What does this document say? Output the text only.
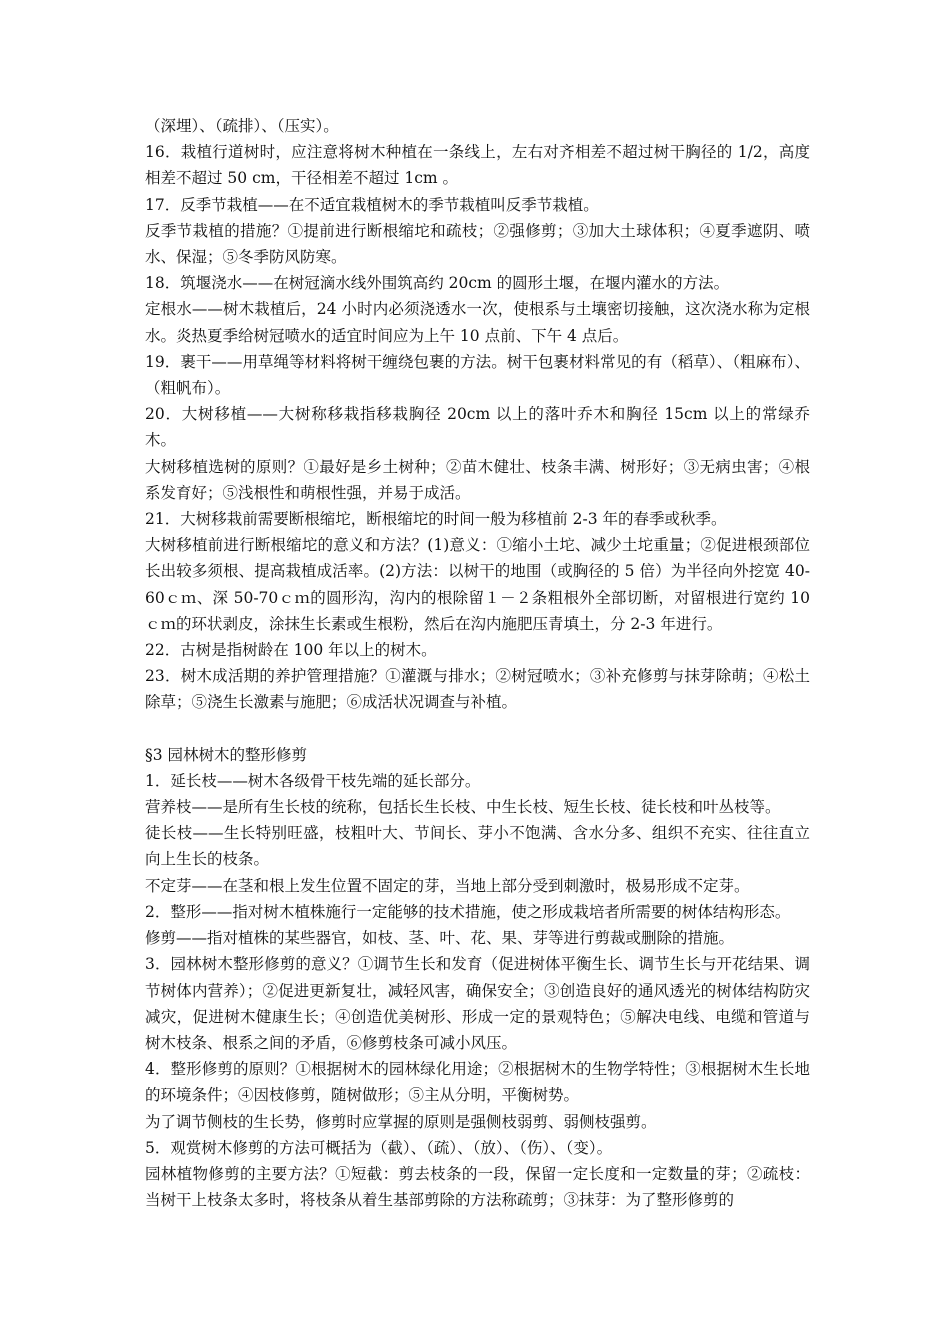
（深埋）、（疏排）、（压实）。

16．栽植行道树时，应注意将树木种植在一条线上，左右对齐相差不超过树干胸径的 1/2，高度相差不超过 50 cm，干径相差不超过 1cm 。

17．反季节栽植——在不适宜栽植树木的季节栽植叫反季节栽植。

反季节栽植的措施？①提前进行断根缩坨和疏枝；②强修剪；③加大土球体积；④夏季遮阴、喷水、保湿；⑤冬季防风防寒。

18．筑堰浇水——在树冠滴水线外围筑高约 20cm 的圆形土堰，在堰内灌水的方法。

定根水——树木栽植后，24 小时内必须浇透水一次，使根系与土壤密切接触，这次浇水称为定根水。炎热夏季给树冠喷水的适宜时间应为上午 10 点前、下午 4 点后。

19．裹干——用草绳等材料将树干缠绕包裹的方法。树干包裹材料常见的有（稻草）、（粗麻布）、（粗帆布）。

20．大树移植——大树称移栽指移栽胸径 20cm 以上的落叶乔木和胸径 15cm 以上的常绿乔木。

大树移植选树的原则？①最好是乡土树种；②苗木健壮、枝条丰满、树形好；③无病虫害；④根系发育好；⑤浅根性和萌根性强，并易于成活。

21．大树移栽前需要断根缩坨，断根缩坨的时间一般为移植前 2-3 年的春季或秋季。

大树移植前进行断根缩坨的意义和方法？(1)意义：①缩小土坨、减少土坨重量；②促进根颈部位长出较多须根、提高栽植成活率。(2)方法：以树干的地围（或胸径的 5 倍）为半径向外挖宽 40-60ｃｍ、深 50-70ｃｍ的圆形沟，沟内的根除留１－２条粗根外全部切断，对留根进行宽约 10ｃｍ的环状剥皮，涂抹生长素或生根粉，然后在沟内施肥压青填土，分 2-3 年进行。

22．古树是指树龄在 100 年以上的树木。

23．树木成活期的养护管理措施？①灌溉与排水；②树冠喷水；③补充修剪与抹芽除萌；④松土除草；⑤浇生长激素与施肥；⑥成活状况调查与补植。

§3 园林树木的整形修剪

1．延长枝——树木各级骨干枝先端的延长部分。

营养枝——是所有生长枝的统称，包括长生长枝、中生长枝、短生长枝、徒长枝和叶丛枝等。

徒长枝——生长特别旺盛，枝粗叶大、节间长、芽小不饱满、含水分多、组织不充实、往往直立向上生长的枝条。

不定芽——在茎和根上发生位置不固定的芽，当地上部分受到刺激时，极易形成不定芽。

2．整形——指对树木植株施行一定能够的技术措施，使之形成栽培者所需要的树体结构形态。

修剪——指对植株的某些器官，如枝、茎、叶、花、果、芽等进行剪裁或删除的措施。

3．园林树木整形修剪的意义？①调节生长和发育（促进树体平衡生长、调节生长与开花结果、调节树体内营养）；②促进更新复壮，减轻风害，确保安全；③创造良好的通风透光的树体结构防灾减灾，促进树木健康生长；④创造优美树形、形成一定的景观特色；⑤解决电线、电缆和管道与树木枝条、根系之间的矛盾，⑥修剪枝条可减小风压。

4．整形修剪的原则？①根据树木的园林绿化用途；②根据树木的生物学特性；③根据树木生长地的环境条件；④因枝修剪，随树做形；⑤主从分明，平衡树势。

为了调节侧枝的生长势，修剪时应掌握的原则是强侧枝弱剪、弱侧枝强剪。

5．观赏树木修剪的方法可概括为（截）、（疏）、（放）、（伤）、（变）。

园林植物修剪的主要方法？①短截：剪去枝条的一段，保留一定长度和一定数量的芽；②疏枝：当树干上枝条太多时，将枝条从着生基部剪除的方法称疏剪；③抹芽：为了整形修剪的
